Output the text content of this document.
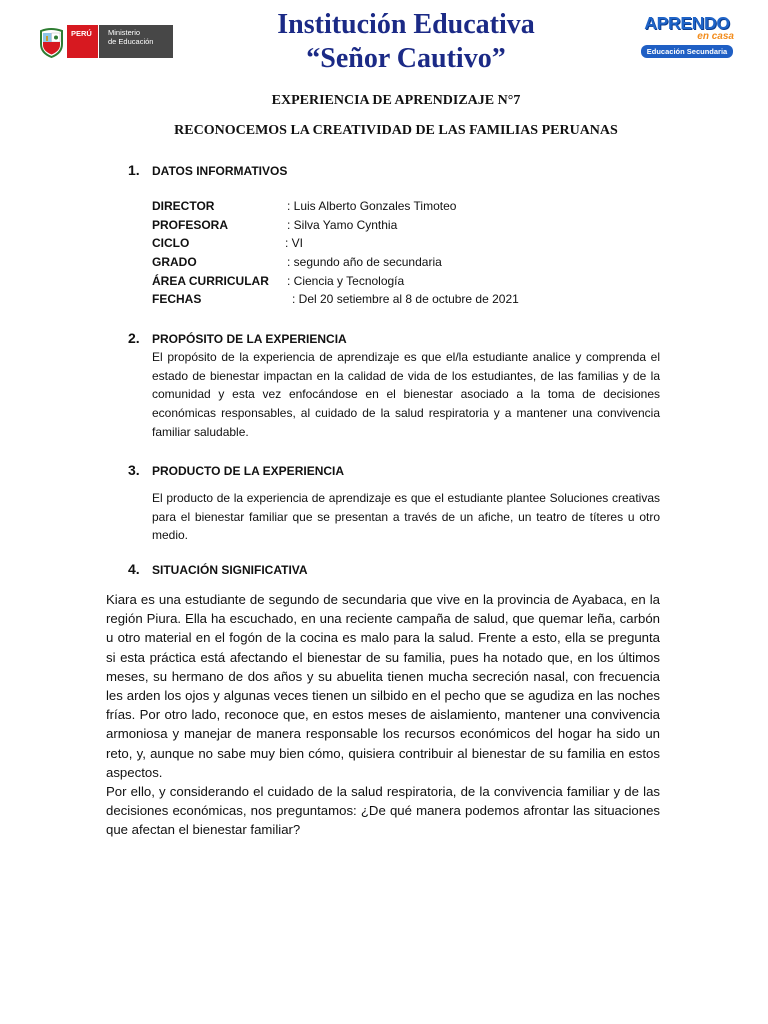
PERÚ	Ministerio
de Educación
Institución Educativa
“Señor Cautivo”
APRENDO
en casa
Educación Secundaria
EXPERIENCIA DE APRENDIZAJE N°7
RECONOCEMOS LA CREATIVIDAD DE LAS FAMILIAS PERUANAS
1. DATOS INFORMATIVOS
DIRECTOR	: Luis Alberto Gonzales Timoteo
PROFESORA	: Silva Yamo Cynthia
CICLO	: VI
GRADO	: segundo año de secundaria
ÁREA CURRICULAR : Ciencia y Tecnología
FECHAS	: Del 20 setiembre al 8 de octubre de 2021
2. PROPÓSITO DE LA EXPERIENCIA

El propósito de la experiencia de aprendizaje es que el/la estudiante analice y comprenda el estado de bienestar impactan en la calidad de vida de los estudiantes, de las familias y de la comunidad y esta vez enfocándose en el bienestar asociado a la toma de decisiones económicas responsables, al cuidado de la salud respiratoria y a mantener una convivencia familiar saludable.

3. PRODUCTO DE LA EXPERIENCIA

El producto de la experiencia de aprendizaje es que el estudiante plantee Soluciones creativas para el bienestar familiar que se presentan a través de un afiche, un teatro de títeres u otro medio.

4. SITUACIÓN SIGNIFICATIVA

Kiara es una estudiante de segundo de secundaria que vive en la provincia de Ayabaca, en la región Piura. Ella ha escuchado, en una reciente campaña de salud, que quemar leña, carbón u otro material en el fogón de la cocina es malo para la salud. Frente a esto, ella se pregunta si esta práctica está afectando el bienestar de su familia, pues ha notado que, en los últimos meses, su hermano de dos años y su abuelita tienen mucha secreción nasal, con frecuencia les arden los ojos y algunas veces tienen un silbido en el pecho que se agudiza en las noches frías. Por otro lado, reconoce que, en estos meses de aislamiento, mantener una convivencia armoniosa y manejar de manera responsable los recursos económicos del hogar ha sido un reto, y, aunque no sabe muy bien cómo, quisiera contribuir al bienestar de su familia en estos aspectos.

Por ello, y considerando el cuidado de la salud respiratoria, de la convivencia familiar y de las decisiones económicas, nos preguntamos: ¿De qué manera podemos afrontar las situaciones que afectan el bienestar familiar?
